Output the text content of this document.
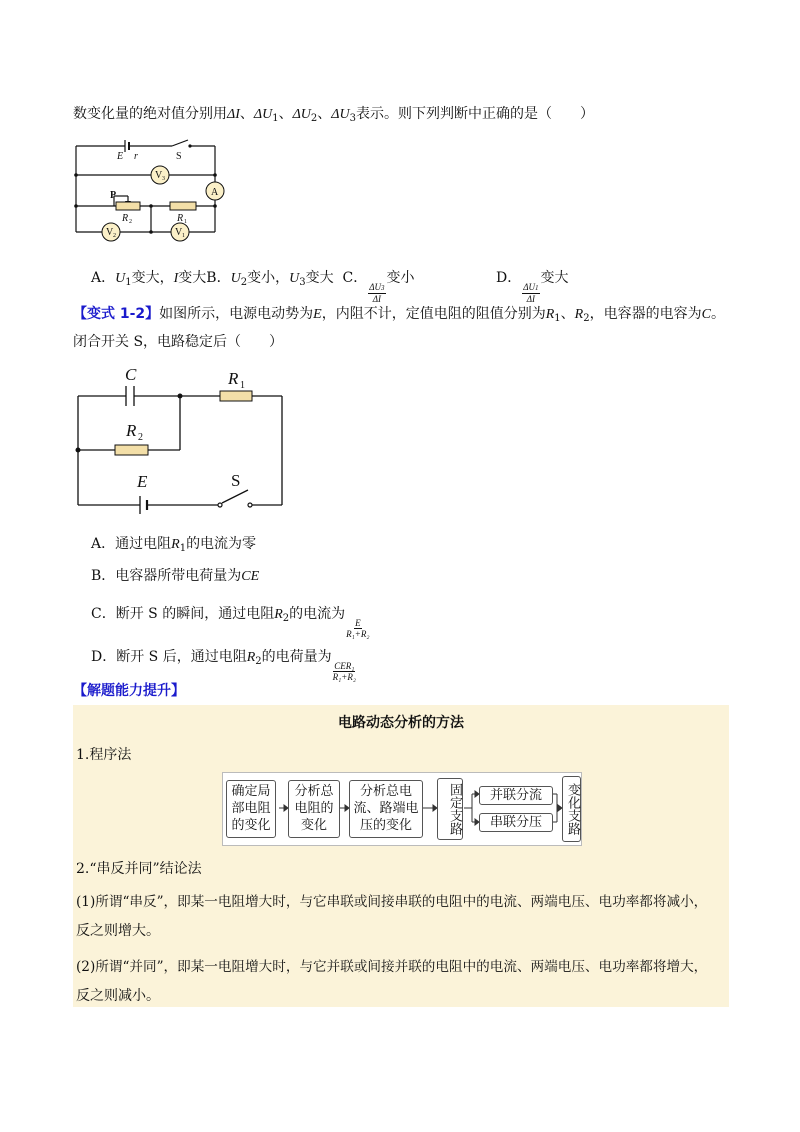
数变化量的绝对值分别用ΔI、$\Delta U_1$、$\Delta U_2$、$\Delta U_3$表示。则下列判断中正确的是（　　）
E r	S
V 3
A
P
R 2	R 1
V 2	V 1
A．$U_1$变大，I变大B．$U_2$变小，$U_3$变大 C．
$\frac{\Delta U3}{\Delta I}$
变小	D．
$\frac{\Delta U1}{\Delta I}$
变大
【变式 1-2】如图所示，电源电动势为E，内阻不计，定值电阻的阻值分别为$R_1$、$R_2$，电容器的电容为C。
闭合开关 S，电路稳定后（　　）
C	R 1
R 2
E	S
A．通过电阻$R_1$的电流为零
B．电容器所带电荷量为CE
C．断开 S 的瞬间，通过电阻$R_2$的电流为
$\frac{E}{\text{R₁+R₂}}$
D．断开 S 后，通过电阻$R_2$的电荷量为
$\frac{\text{CER₁}}{\text{R₁+R₂}}$
【解题能力提升】
电路动态分析的方法
1.程序法
确定局部电阻的变化
分析总电阻的变化
分析总电流、路端电压的变化	固定支路	并联分流
串联分压	变化支路
2.“串反并同”结论法
(1)所谓“串反”，即某一电阻增大时，与它串联或间接串联的电阻中的电流、两端电压、电功率都将减小，
反之则增大。
(2)所谓“并同”，即某一电阻增大时，与它并联或间接并联的电阻中的电流、两端电压、电功率都将增大，
反之则减小。
